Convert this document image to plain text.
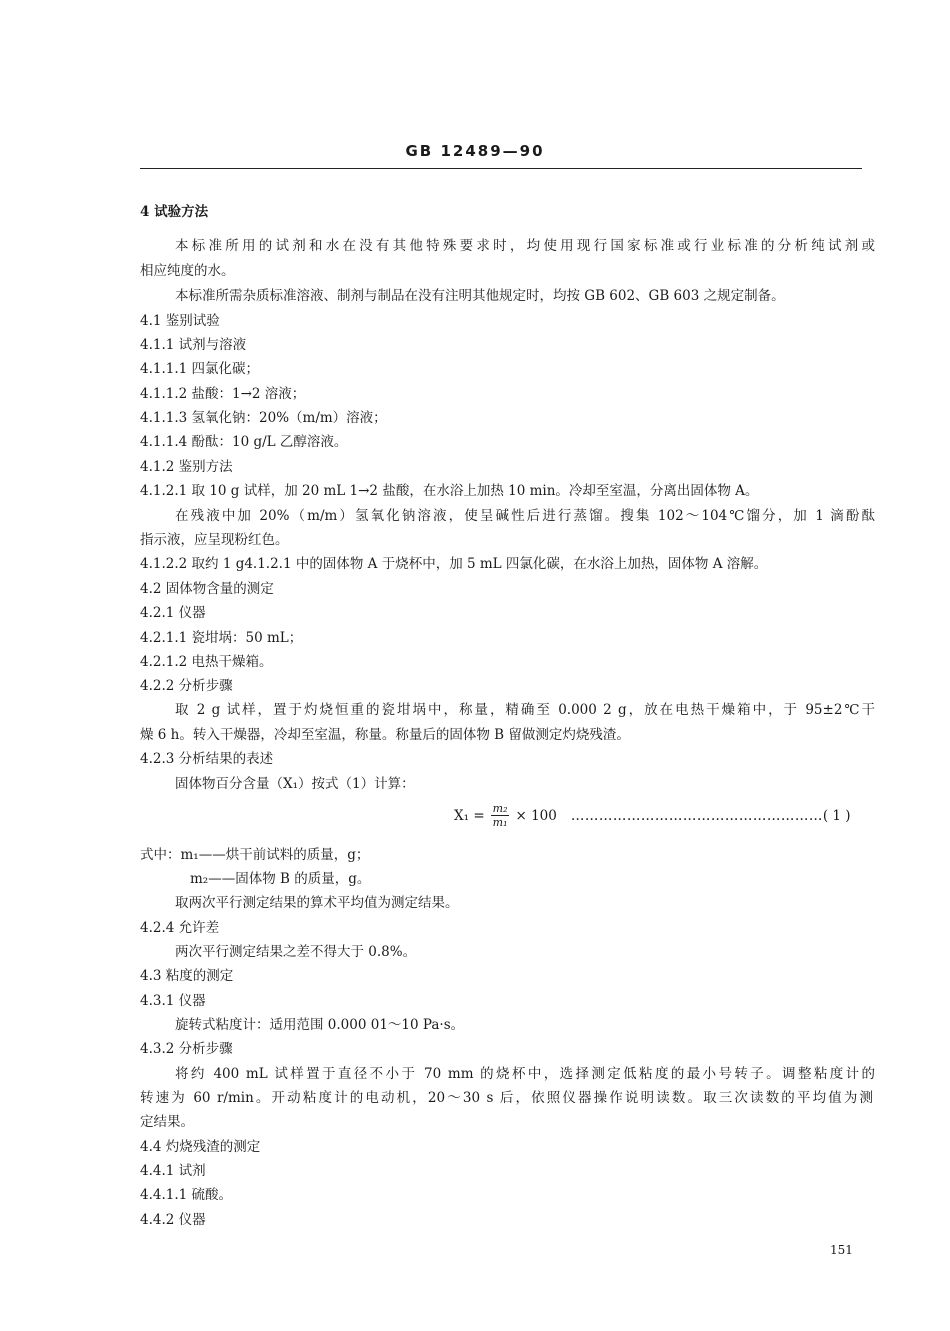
GB 12489—90
4 试验方法
本标准所用的试剂和水在没有其他特殊要求时，均使用现行国家标准或行业标准的分析纯试剂或
相应纯度的水。
本标准所需杂质标准溶液、制剂与制品在没有注明其他规定时，均按 GB 602、GB 603 之规定制备。
4.1 鉴别试验
4.1.1 试剂与溶液
4.1.1.1 四氯化碳；
4.1.1.2 盐酸：1→2 溶液；
4.1.1.3 氢氧化钠：20%（m/m）溶液；
4.1.1.4 酚酞：10 g/L 乙醇溶液。
4.1.2 鉴别方法
4.1.2.1 取 10 g 试样，加 20 mL 1→2 盐酸，在水浴上加热 10 min。冷却至室温，分离出固体物 A。
在残液中加 20%（m/m）氢氧化钠溶液，使呈碱性后进行蒸馏。搜集 102～104℃馏分，加 1 滴酚酞
指示液，应呈现粉红色。
4.1.2.2 取约 1 g4.1.2.1 中的固体物 A 于烧杯中，加 5 mL 四氯化碳，在水浴上加热，固体物 A 溶解。
4.2 固体物含量的测定
4.2.1 仪器
4.2.1.1 瓷坩埚：50 mL；
4.2.1.2 电热干燥箱。
4.2.2 分析步骤
取 2 g 试样，置于灼烧恒重的瓷坩埚中，称量，精确至 0.000 2 g，放在电热干燥箱中，于 95±2℃干
燥 6 h。转入干燥器，冷却至室温，称量。称量后的固体物 B 留做测定灼烧残渣。
4.2.3 分析结果的表述
固体物百分含量（X₁）按式（1）计算：
$X_1 = \frac{\text{m₂}}{\text{m₁}} \times 100$ ……………………………………………… ( 1 )
式中：m₁——烘干前试料的质量，g；
m₂——固体物 B 的质量，g。
取两次平行测定结果的算术平均值为测定结果。
4.2.4 允许差
两次平行测定结果之差不得大于 0.8%。
4.3 粘度的测定
4.3.1 仪器
旋转式粘度计：适用范围 0.000 01～10 Pa·s。
4.3.2 分析步骤
将约 400 mL 试样置于直径不小于 70 mm 的烧杯中，选择测定低粘度的最小号转子。调整粘度计的
转速为 60 r/min。开动粘度计的电动机，20～30 s 后，依照仪器操作说明读数。取三次读数的平均值为测
定结果。
4.4 灼烧残渣的测定
4.4.1 试剂
4.4.1.1 硫酸。
4.4.2 仪器
151
